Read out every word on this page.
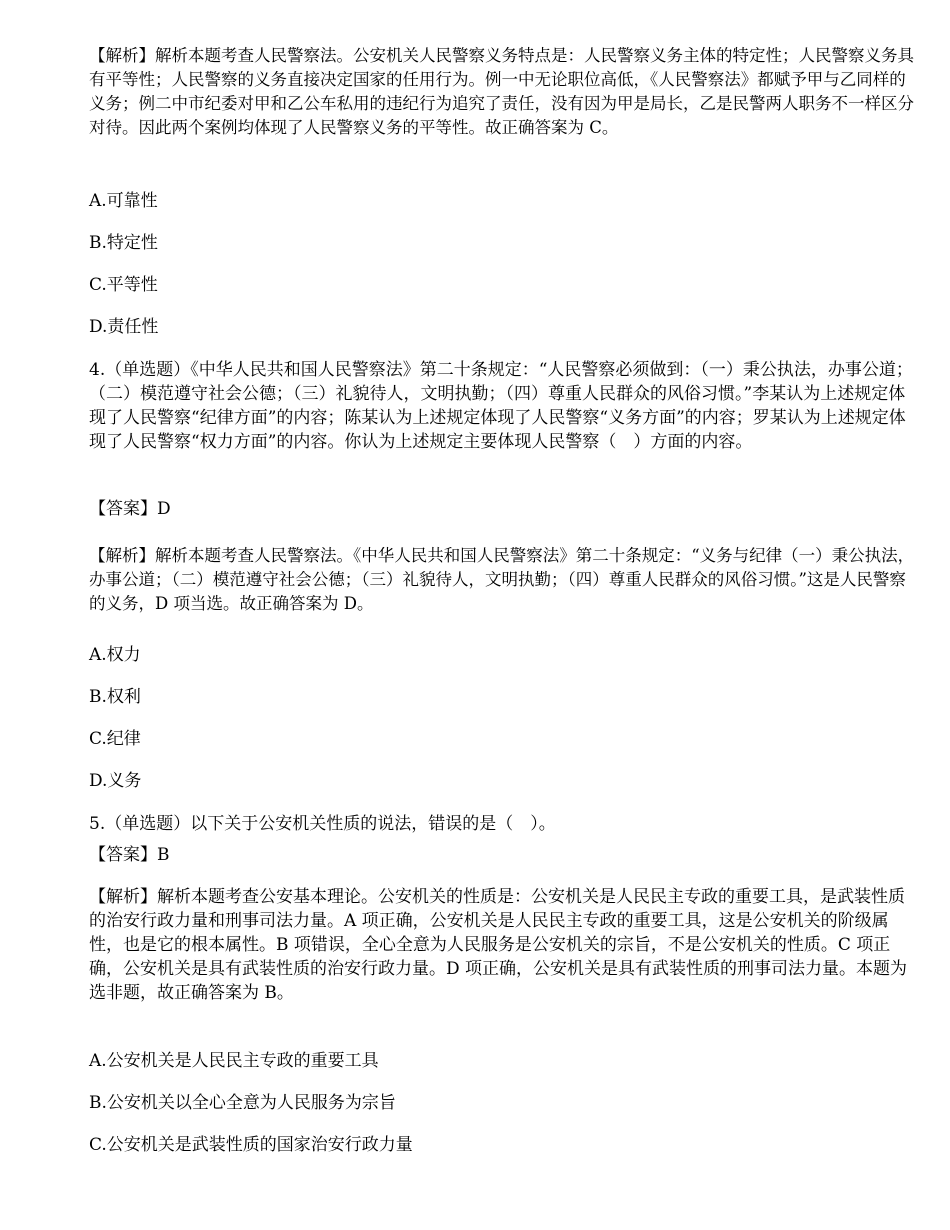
【解析】解析本题考查人民警察法。公安机关人民警察义务特点是：人民警察义务主体的特定性；人民警察义务具有平等性；人民警察的义务直接决定国家的任用行为。例一中无论职位高低，《人民警察法》都赋予甲与乙同样的义务；例二中市纪委对甲和乙公车私用的违纪行为追究了责任，没有因为甲是局长，乙是民警两人职务不一样区分对待。因此两个案例均体现了人民警察义务的平等性。故正确答案为 C。

A.可靠性
B.特定性
C.平等性
D.责任性

4.（单选题）《中华人民共和国人民警察法》第二十条规定：“人民警察必须做到：（一）秉公执法，办事公道；（二）模范遵守社会公德；（三）礼貌待人，文明执勤；（四）尊重人民群众的风俗习惯。”李某认为上述规定体现了人民警察“纪律方面”的内容；陈某认为上述规定体现了人民警察“义务方面”的内容；罗某认为上述规定体现了人民警察“权力方面”的内容。你认为上述规定主要体现人民警察（　）方面的内容。

【答案】D

【解析】解析本题考查人民警察法。《中华人民共和国人民警察法》第二十条规定：“义务与纪律（一）秉公执法，办事公道；（二）模范遵守社会公德；（三）礼貌待人，文明执勤；（四）尊重人民群众的风俗习惯。”这是人民警察的义务，D 项当选。故正确答案为 D。

A.权力
B.权利
C.纪律
D.义务
5.（单选题）以下关于公安机关性质的说法，错误的是（　）。
【答案】B

【解析】解析本题考查公安基本理论。公安机关的性质是：公安机关是人民民主专政的重要工具，是武装性质的治安行政力量和刑事司法力量。A 项正确，公安机关是人民民主专政的重要工具，这是公安机关的阶级属性，也是它的根本属性。B 项错误，全心全意为人民服务是公安机关的宗旨，不是公安机关的性质。C 项正确，公安机关是具有武装性质的治安行政力量。D 项正确，公安机关是具有武装性质的刑事司法力量。本题为选非题，故正确答案为 B。

A.公安机关是人民民主专政的重要工具
B.公安机关以全心全意为人民服务为宗旨
C.公安机关是武装性质的国家治安行政力量
